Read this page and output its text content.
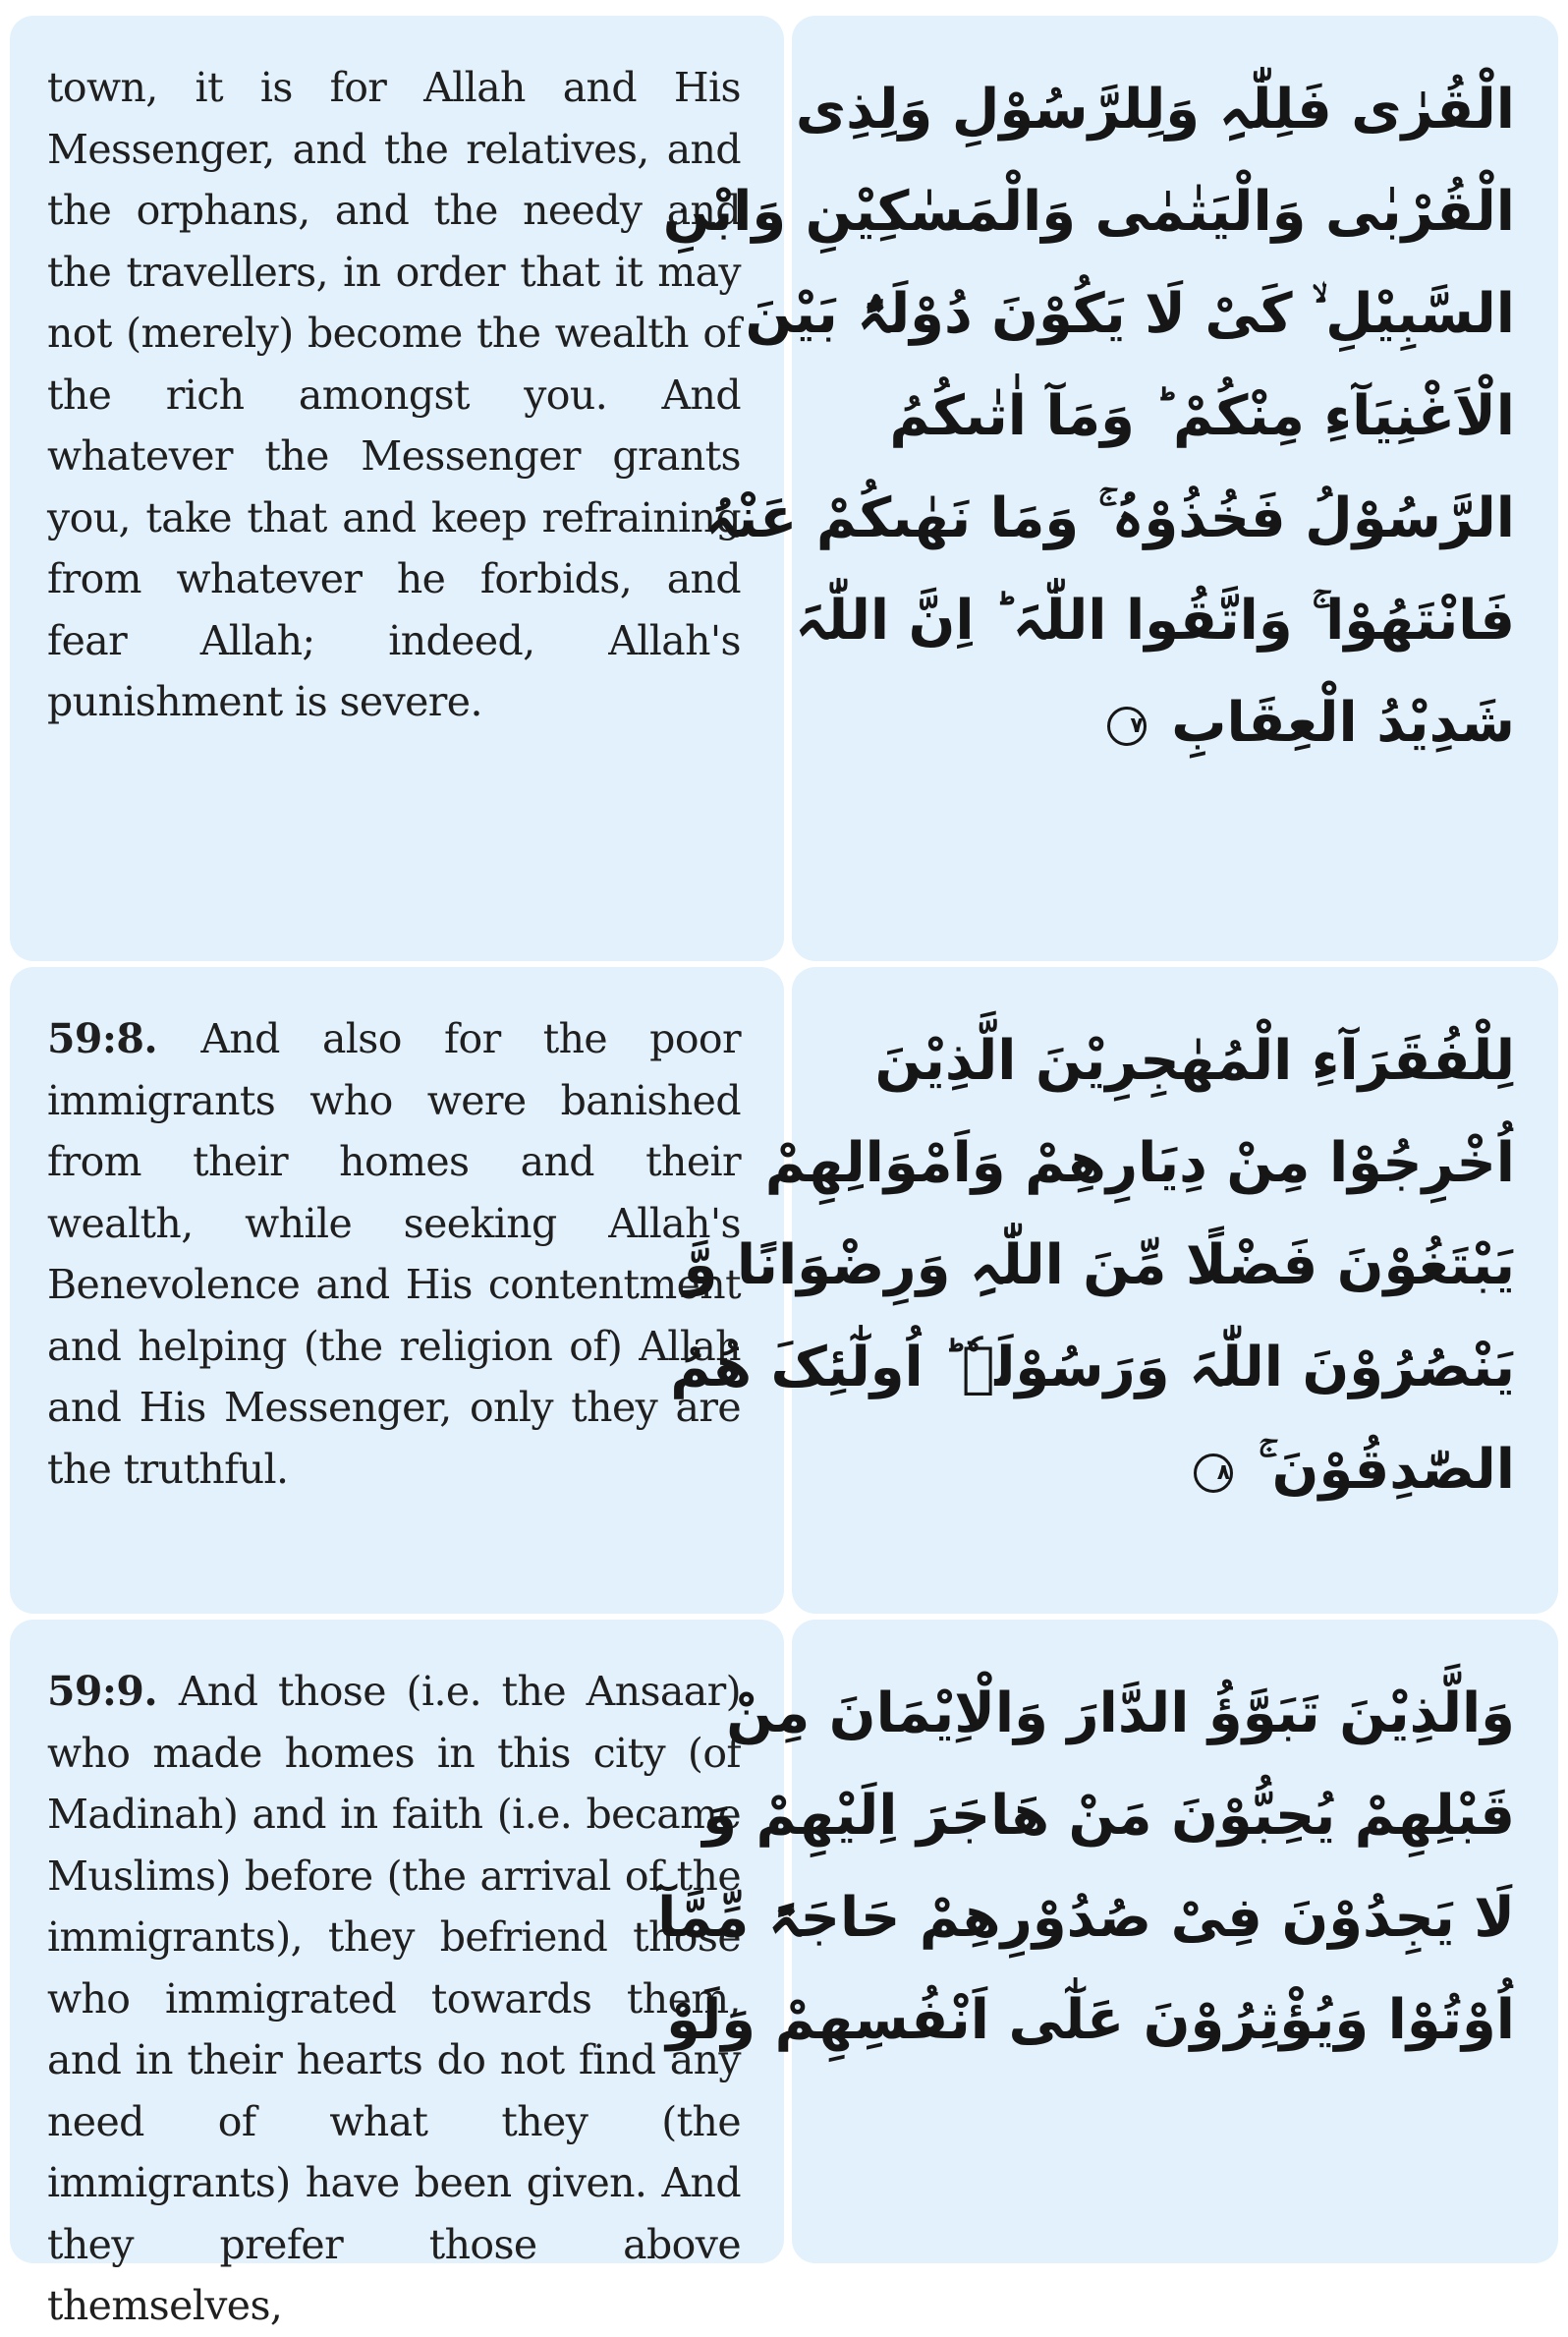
town, it is for Allah and His Messenger, and the relatives, and the orphans, and the needy and the travellers, in order that it may not (merely) become the wealth of the rich amongst you. And whatever the Messenger grants you, take that and keep refraining from whatever he forbids, and fear Allah; indeed, Allah's punishment is severe.
الْقُرٰی فَلِلّٰہِ وَلِلرَّسُوْلِ وَلِذِی
الْقُرْبٰی وَالْیَتٰمٰی وَالْمَسٰکِیْنِ وَابْنِ
السَّبِیْلِ ۙ کَیْ لَا یَکُوْنَ دُوْلَۃًۢ بَیْنَ
الْاَغْنِیَآءِ مِنْکُمْ ؕ وَمَآ اٰتٰىکُمُ
الرَّسُوْلُ فَخُذُوْہُ ۚ وَمَا نَھٰىکُمْ عَنْہُ
فَانْتَھُوْا ۚ وَاتَّقُوا اللّٰہَ ؕ اِنَّ اللّٰہَ
شَدِیْدُ الْعِقَابِ ٧
59:8. And also for the poor immigrants who were banished from their homes and their wealth, while seeking Allah's Benevolence and His contentment and helping (the religion of) Allah and His Messenger, only they are the truthful.
لِلْفُقَرَآءِ الْمُھٰجِرِیْنَ الَّذِیْنَ
اُخْرِجُوْا مِنْ دِیَارِھِمْ وَاَمْوَالِھِمْ
یَبْتَغُوْنَ فَضْلًا مِّنَ اللّٰہِ وَرِضْوَانًا وَّ
یَنْصُرُوْنَ اللّٰہَ وَرَسُوْلَہٗ ؕ اُولٰٓئِکَ ھُمُ
الصّٰدِقُوْنَ ۚ ٨
59:9. And those (i.e. the Ansaar) who made homes in this city (of Madinah) and in faith (i.e. became Muslims) before (the arrival of the immigrants), they befriend those who immigrated towards them, and in their hearts do not find any need of what they (the immigrants) have been given. And they prefer those above themselves,
وَالَّذِیْنَ تَبَوَّؤُ الدَّارَ وَالْاِیْمَانَ مِنْ
قَبْلِھِمْ یُحِبُّوْنَ مَنْ ھَاجَرَ اِلَیْھِمْ وَ
لَا یَجِدُوْنَ فِیْ صُدُوْرِھِمْ حَاجَۃً مِّمَّآ
اُوْتُوْا وَیُؤْثِرُوْنَ عَلٰٓی اَنْفُسِھِمْ وَلَوْ
